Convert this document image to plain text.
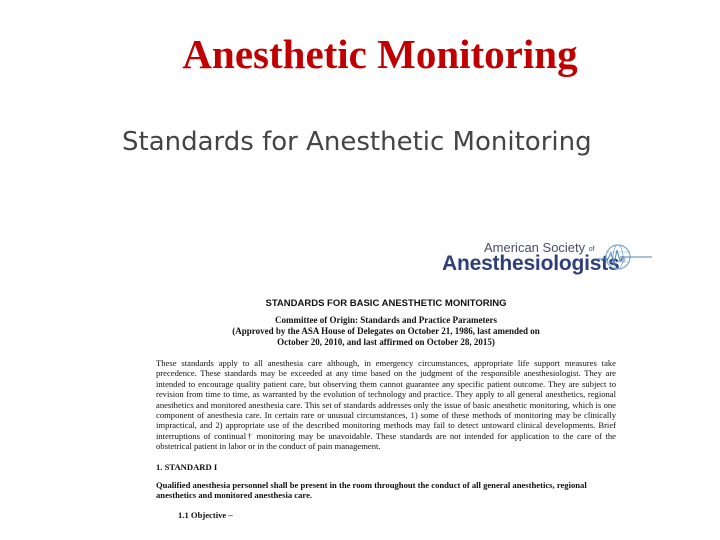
Anesthetic Monitoring
Standards for Anesthetic Monitoring
American Society of
Anesthesiologists®
STANDARDS FOR BASIC ANESTHETIC MONITORING
Committee of Origin: Standards and Practice Parameters
(Approved by the ASA House of Delegates on October 21, 1986, last amended on
October 20, 2010, and last affirmed on October 28, 2015)

These standards apply to all anesthesia care although, in emergency circumstances, appropriate life support measures take precedence. These standards may be exceeded at any time based on the judgment of the responsible anesthesiologist. They are intended to encourage quality patient care, but observing them cannot guarantee any specific patient outcome. They are subject to revision from time to time, as warranted by the evolution of technology and practice. They apply to all general anesthetics, regional anesthetics and monitored anesthesia care. This set of standards addresses only the issue of basic anesthetic monitoring, which is one component of anesthesia care. In certain rare or unusual circumstances, 1) some of these methods of monitoring may be clinically impractical, and 2) appropriate use of the described monitoring methods may fail to detect untoward clinical developments. Brief interruptions of continual† monitoring may be unavoidable. These standards are not intended for application to the care of the obstetrical patient in labor or in the conduct of pain management.

1. STANDARD I

Qualified anesthesia personnel shall be present in the room throughout the conduct of all general anesthetics, regional anesthetics and monitored anesthesia care.

1.1 Objective –
